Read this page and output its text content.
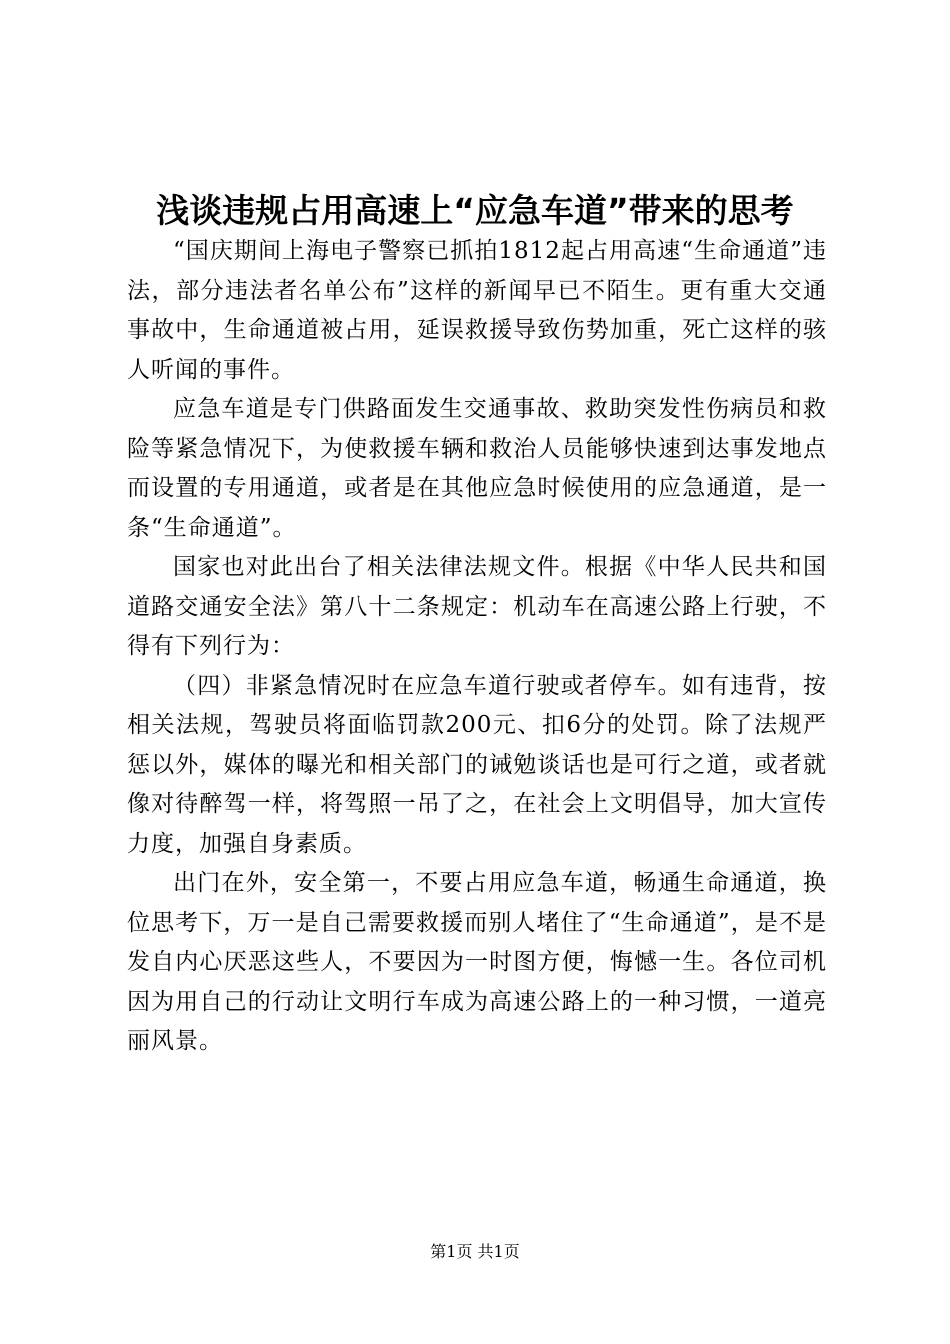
浅谈违规占用高速上“应急车道”带来的思考

“国庆期间上海电子警察已抓拍1812起占用高速“生命通道”违法，部分违法者名单公布”这样的新闻早已不陌生。更有重大交通事故中，生命通道被占用，延误救援导致伤势加重，死亡这样的骇人听闻的事件。

应急车道是专门供路面发生交通事故、救助突发性伤病员和救险等紧急情况下，为使救援车辆和救治人员能够快速到达事发地点而设置的专用通道，或者是在其他应急时候使用的应急通道，是一条“生命通道”。

国家也对此出台了相关法律法规文件。根据《中华人民共和国道路交通安全法》第八十二条规定：机动车在高速公路上行驶，不得有下列行为：

（四）非紧急情况时在应急车道行驶或者停车。如有违背，按相关法规，驾驶员将面临罚款200元、扣6分的处罚。除了法规严惩以外，媒体的曝光和相关部门的诫勉谈话也是可行之道，或者就像对待醉驾一样，将驾照一吊了之，在社会上文明倡导，加大宣传力度，加强自身素质。

出门在外，安全第一，不要占用应急车道，畅通生命通道，换位思考下，万一是自己需要救援而别人堵住了“生命通道”，是不是发自内心厌恶这些人，不要因为一时图方便，悔憾一生。各位司机因为用自己的行动让文明行车成为高速公路上的一种习惯，一道亮丽风景。

第1页 共1页
